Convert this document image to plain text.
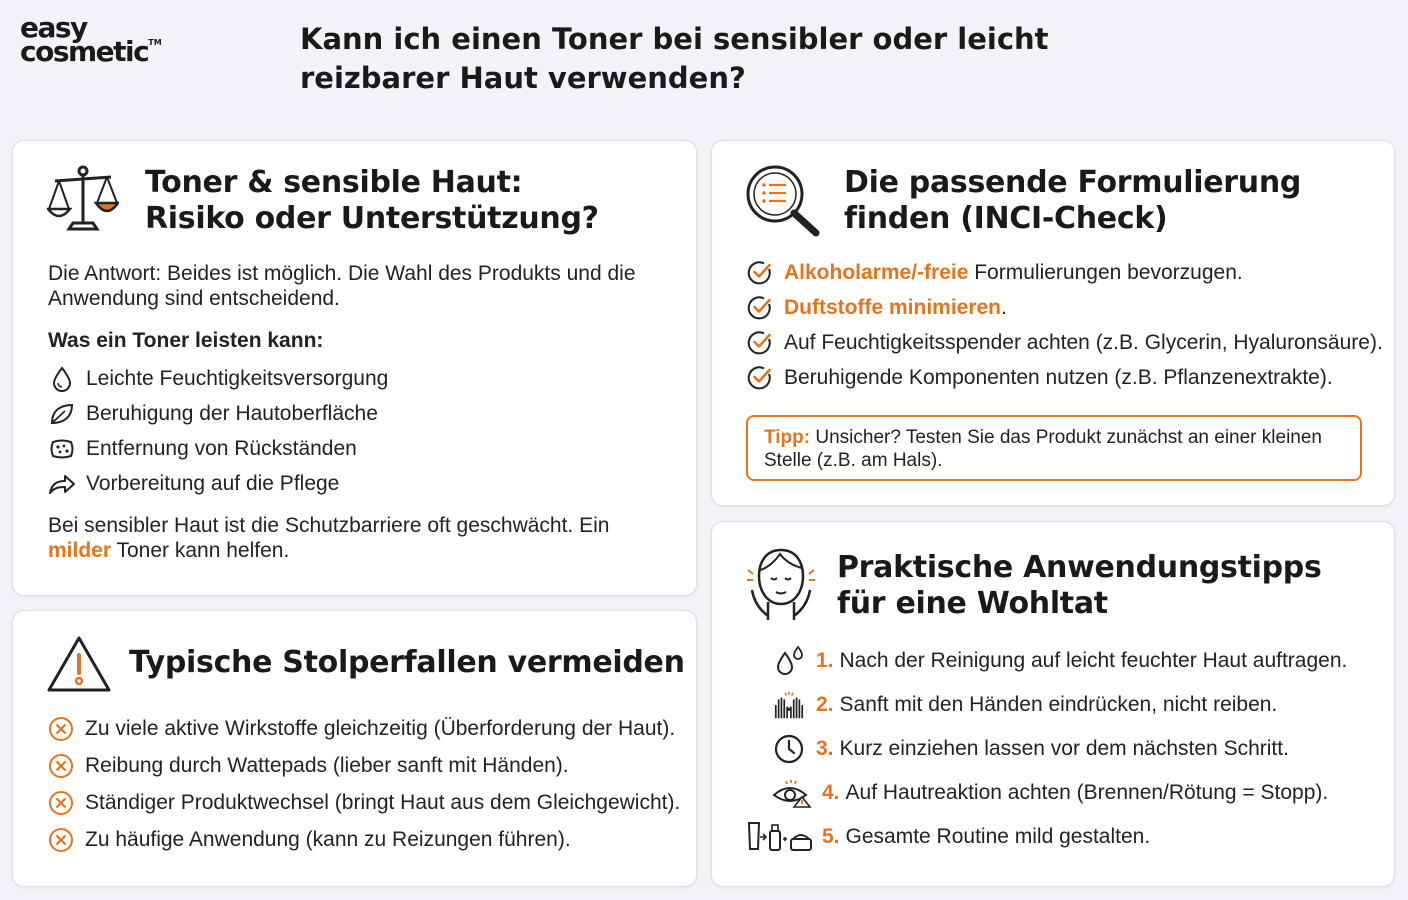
easy
cosmetic™	Kann ich einen Toner bei sensibler oder leicht reizbarer Haut verwenden?
Toner & sensible Haut:
Risiko oder Unterstützung?
Die Antwort: Beides ist möglich. Die Wahl des Produkts und die Anwendung sind entscheidend.
Was ein Toner leisten kann:
Leichte Feuchtigkeitsversorgung
Beruhigung der Hautoberfläche
Entfernung von Rückständen
Vorbereitung auf die Pflege
Bei sensibler Haut ist die Schutzbarriere oft geschwächt. Ein milder Toner kann helfen.
Typische Stolperfallen vermeiden
Zu viele aktive Wirkstoffe gleichzeitig (Überforderung der Haut).
Reibung durch Wattepads (lieber sanft mit Händen).
Ständiger Produktwechsel (bringt Haut aus dem Gleichgewicht).
Zu häufige Anwendung (kann zu Reizungen führen).
Die passende Formulierung
finden (INCI-Check)
Alkoholarme/-freie Formulierungen bevorzugen.
Duftstoffe minimieren .
Auf Feuchtigkeitsspender achten (z.B. Glycerin, Hyaluronsäure).
Beruhigende Komponenten nutzen (z.B. Pflanzenextrakte).
Tipp: Unsicher? Testen Sie das Produkt zunächst an einer kleinen Stelle (z.B. am Hals).
Praktische Anwendungstipps
für eine Wohltat
1. Nach der Reinigung auf leicht feuchter Haut auftragen.
2. Sanft mit den Händen eindrücken, nicht reiben.
3. Kurz einziehen lassen vor dem nächsten Schritt.
4. Auf Hautreaktion achten (Brennen/Rötung = Stopp).
5. Gesamte Routine mild gestalten.
